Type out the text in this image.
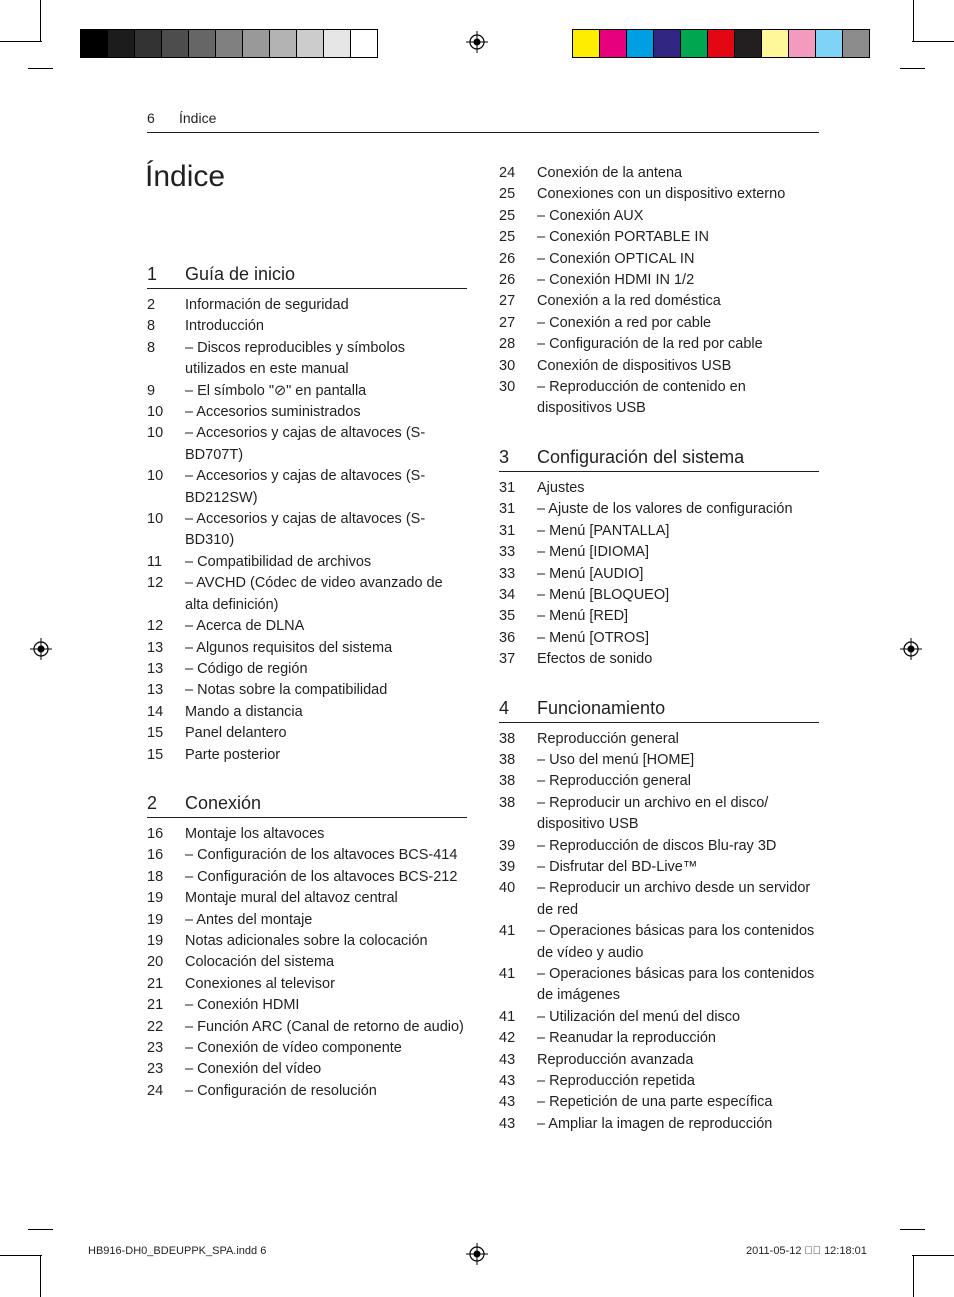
6 Índice
Índice
1	Guía de inicio
2	Información de seguridad
8	Introducción
8	– Discos reproducibles y símbolos utilizados en este manual
9	– El símbolo "⊘" en pantalla
10	– Accesorios suministrados
10	– Accesorios y cajas de altavoces (S-BD707T)
10	– Accesorios y cajas de altavoces (S-BD212SW)
10	– Accesorios y cajas de altavoces (S-BD310)
11	– Compatibilidad de archivos
12	– AVCHD (Códec de video avanzado de alta definición)
12	– Acerca de DLNA
13	– Algunos requisitos del sistema
13	– Código de región
13	– Notas sobre la compatibilidad
14	Mando a distancia
15	Panel delantero
15	Parte posterior
2	Conexión
16	Montaje los altavoces
16	– Configuración de los altavoces BCS-414
18	– Configuración de los altavoces BCS-212
19	Montaje mural del altavoz central
19	– Antes del montaje
19	Notas adicionales sobre la colocación
20	Colocación del sistema
21	Conexiones al televisor
21	– Conexión HDMI
22	– Función ARC (Canal de retorno de audio)
23	– Conexión de vídeo componente
23	– Conexión del vídeo
24	– Configuración de resolución
24	Conexión de la antena
25	Conexiones con un dispositivo externo
25	– Conexión AUX
25	– Conexión PORTABLE IN
26	– Conexión OPTICAL IN
26	– Conexión HDMI IN 1/2
27	Conexión a la red doméstica
27	– Conexión a red por cable
28	– Configuración de la red por cable
30	Conexión de dispositivos USB
30	– Reproducción de contenido en dispositivos USB
3	Configuración del sistema
31	Ajustes
31	– Ajuste de los valores de configuración
31	– Menú [PANTALLA]
33	– Menú [IDIOMA]
33	– Menú [AUDIO]
34	– Menú [BLOQUEO]
35	– Menú [RED]
36	– Menú [OTROS]
37	Efectos de sonido
4	Funcionamiento
38	Reproducción general
38	– Uso del menú [HOME]
38	– Reproducción general
38	– Reproducir un archivo en el disco/ dispositivo USB
39	– Reproducción de discos Blu-ray 3D
39	– Disfrutar del BD-Live™
40	– Reproducir un archivo desde un servidor de red
41	– Operaciones básicas para los contenidos de vídeo y audio
41	– Operaciones básicas para los contenidos de imágenes
41	– Utilización del menú del disco
42	– Reanudar la reproducción
43	Reproducción avanzada
43	– Reproducción repetida
43	– Repetición de una parte específica
43	– Ampliar la imagen de reproducción
HB916-DH0_BDEUPPK_SPA.indd 6	2011-05-12 ￿￿ 12:18:01
